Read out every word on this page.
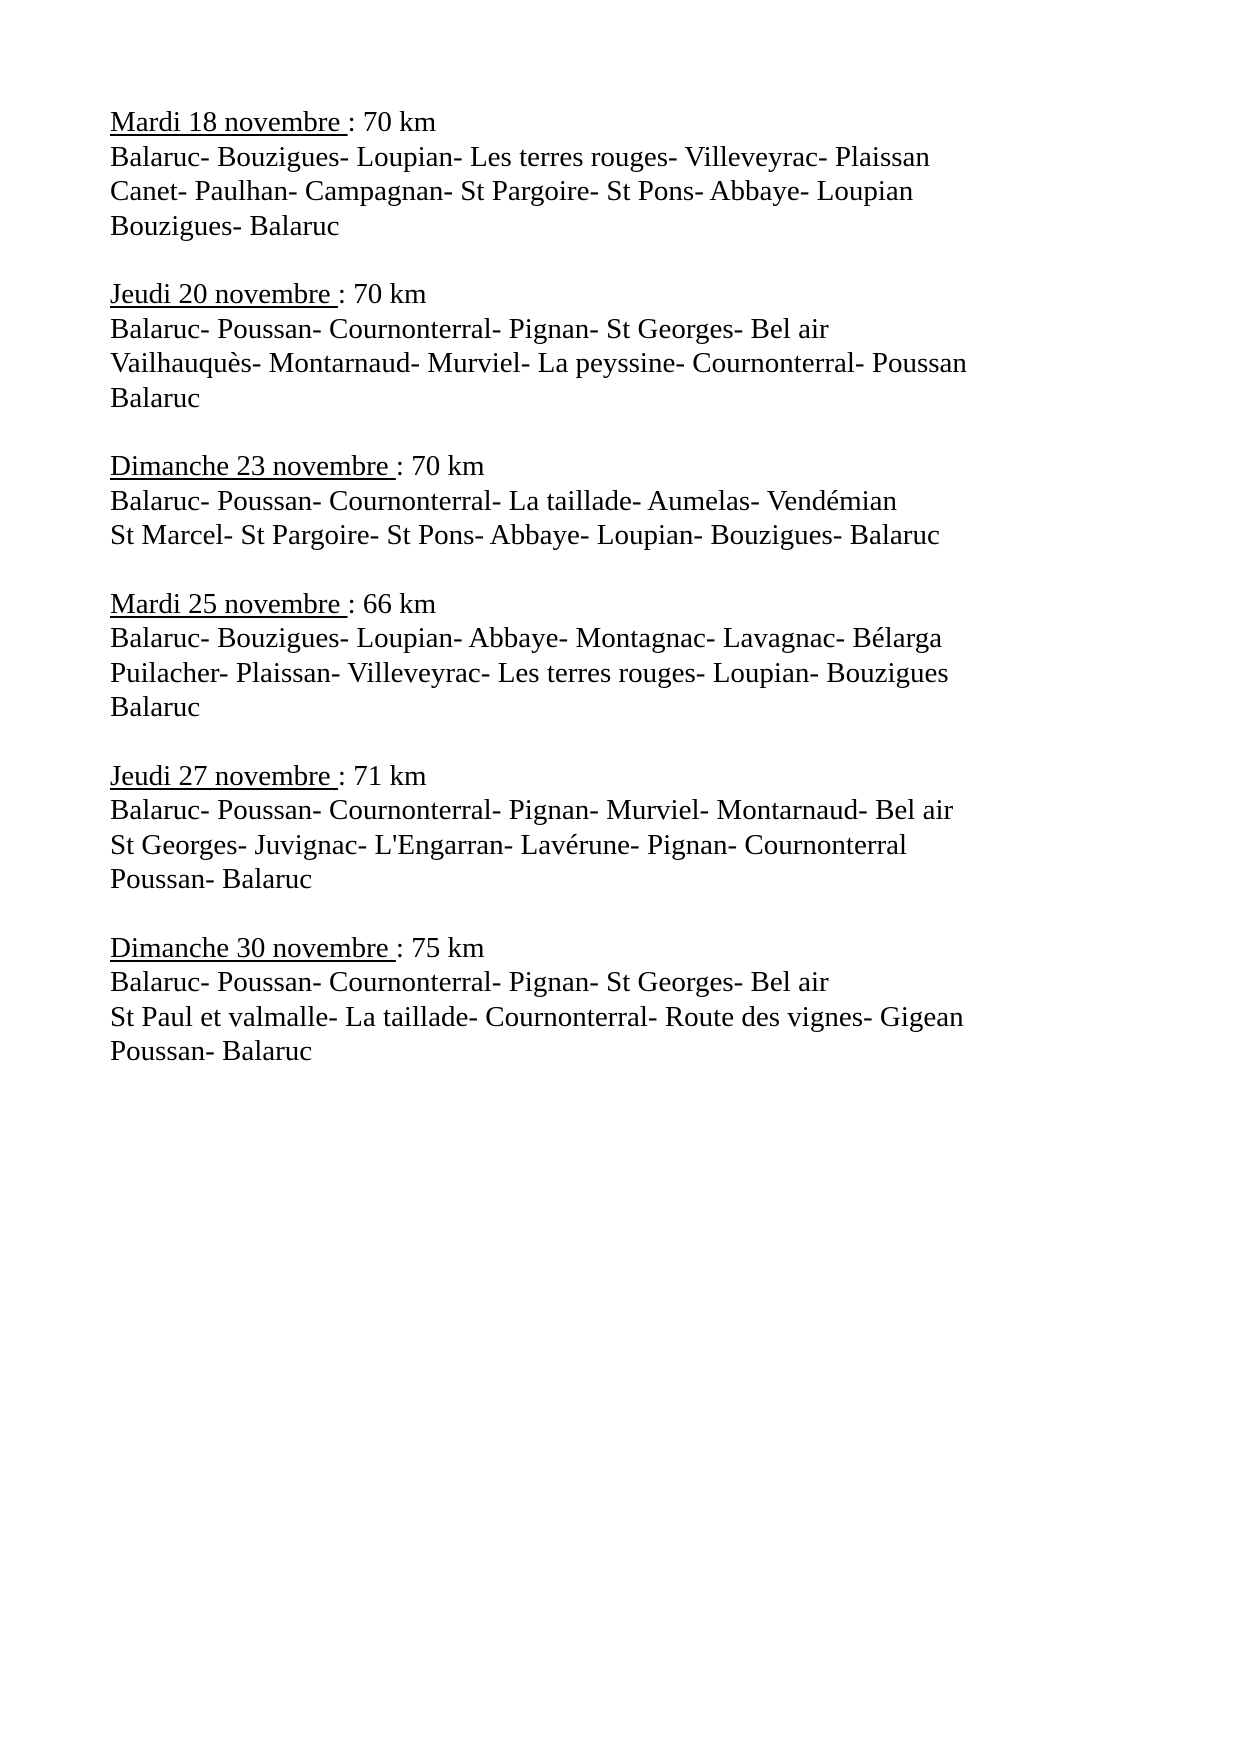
Mardi 18 novembre : 70 km

Balaruc- Bouzigues- Loupian- Les terres rouges- Villeveyrac- Plaissan

Canet- Paulhan- Campagnan- St Pargoire- St Pons- Abbaye- Loupian

Bouzigues- Balaruc

Jeudi 20 novembre : 70 km

Balaruc- Poussan- Cournonterral- Pignan- St Georges- Bel air

Vailhauquès- Montarnaud- Murviel- La peyssine- Cournonterral- Poussan

Balaruc

Dimanche 23 novembre : 70 km

Balaruc- Poussan- Cournonterral- La taillade- Aumelas- Vendémian

St Marcel- St Pargoire- St Pons- Abbaye- Loupian- Bouzigues- Balaruc

Mardi 25 novembre : 66 km

Balaruc- Bouzigues- Loupian- Abbaye- Montagnac- Lavagnac- Bélarga

Puilacher- Plaissan- Villeveyrac- Les terres rouges- Loupian- Bouzigues

Balaruc

Jeudi 27 novembre : 71 km

Balaruc- Poussan- Cournonterral- Pignan- Murviel- Montarnaud- Bel air

St Georges- Juvignac- L'Engarran- Lavérune- Pignan- Cournonterral

Poussan- Balaruc

Dimanche 30 novembre : 75 km

Balaruc- Poussan- Cournonterral- Pignan- St Georges- Bel air

St Paul et valmalle- La taillade- Cournonterral- Route des vignes- Gigean

Poussan- Balaruc
